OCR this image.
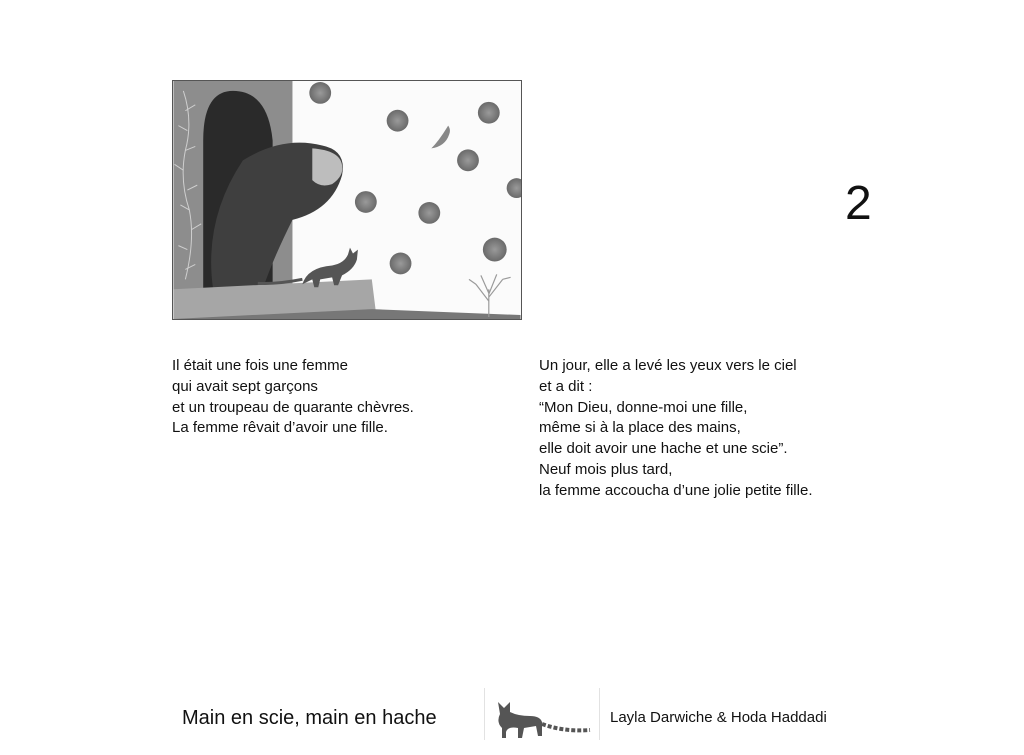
2
Il était une fois une femme
qui avait sept garçons
et un troupeau de quarante chèvres.
La femme rêvait d’avoir une fille.
Un jour, elle a levé les yeux vers le ciel
et a dit :
“Mon Dieu, donne-moi une fille,
même si à la place des mains,
elle doit avoir une hache et une scie”.
Neuf mois plus tard,
la femme accoucha d’une jolie petite fille.
Main en scie, main en hache	Layla Darwiche & Hoda Haddadi
